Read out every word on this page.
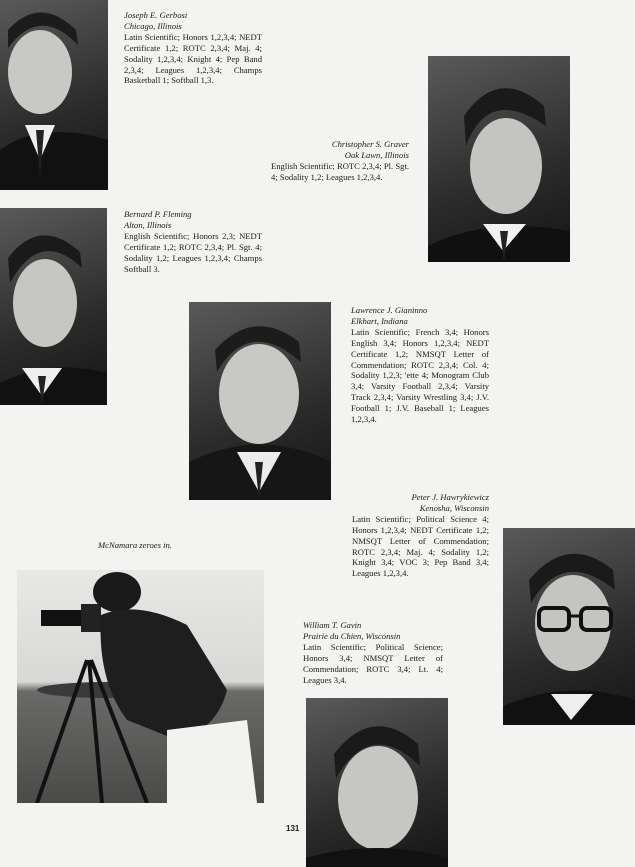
Joseph E. Gerbosi
Chicago, Illinois
Latin Scientific; Honors 1,2,3,4; NEDT Certificate 1,2; ROTC 2,3,4; Maj. 4; Sodality 1,2,3,4; Knight 4; Pep Band 2,3,4; Leagues 1,2,3,4; Champs Basketball 1; Softball 1,3.
Christopher S. Graver
Oak Lawn, Illinois
English Scientific; ROTC 2,3,4; Pl. Sgt. 4; Sodality 1,2; Leagues 1,2,3,4.
Bernard P. Fleming
Alton, Illinois
English Scientific; Honors 2,3; NEDT Certificate 1,2; ROTC 2,3,4; Pl. Sgt. 4; Sodality 1,2; Leagues 1,2,3,4; Champs Softball 3.
Lawrence J. Gianinno
Elkhart, Indiana
Latin Scientific; French 3,4; Honors English 3,4; Honors 1,2,3,4; NEDT Certificate 1,2; NMSQT Letter of Commendation; ROTC 2,3,4; Col. 4; Sodality 1,2,3; 'ette 4; Monogram Club 3,4; Varsity Football 2,3,4; Varsity Track 2,3,4; Varsity Wrestling 3,4; J.V. Football 1; J.V. Baseball 1; Leagues 1,2,3,4.
Peter J. Hawrykiewicz
Kenosha, Wisconsin
Latin Scientific; Political Science 4; Honors 1,2,3,4; NEDT Certificate 1,2; NMSQT Letter of Commendation; ROTC 2,3,4; Maj. 4; Sodality 1,2; Knight 3,4; VOC 3; Pep Band 3,4; Leagues 1,2,3,4.
William T. Gavin
Prairie du Chien, Wisconsin
Latin Scientific; Political Science; Honors 3,4; NMSQT Letter of Commendation; ROTC 3,4; Lt. 4; Leagues 3,4.
McNamara zeroes in.
131
